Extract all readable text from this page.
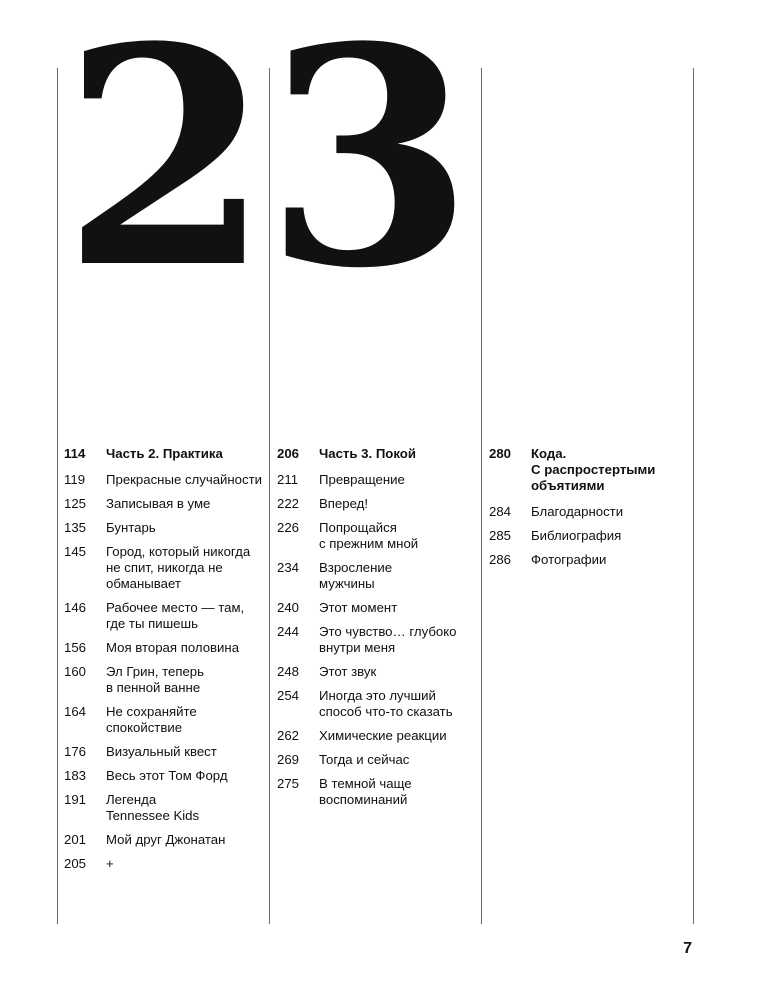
23
114	Часть 2. Практика
119	Прекрасные случайности
125	Записывая в уме
135	Бунтарь
145	Город, который никогда
не спит, никогда не
обманывает
146	Рабочее место — там,
где ты пишешь
156	Моя вторая половина
160	Эл Грин, теперь
в пенной ванне
164	Не сохраняйте
спокойствие
176	Визуальный квест
183	Весь этот Том Форд
191	Легенда
Tennessee Kids
201	Мой друг Джонатан
205	+
206	Часть 3. Покой
211	Превращение
222	Вперед!
226	Попрощайся
с прежним мной
234	Взросление
мужчины
240	Этот момент
244	Это чувство… глубоко
внутри меня
248	Этот звук
254	Иногда это лучший
способ что-то сказать
262	Химические реакции
269	Тогда и сейчас
275	В темной чаще
воспоминаний
280	Кода.
С распростертыми
объятиями
284	Благодарности
285	Библиография
286	Фотографии
7
